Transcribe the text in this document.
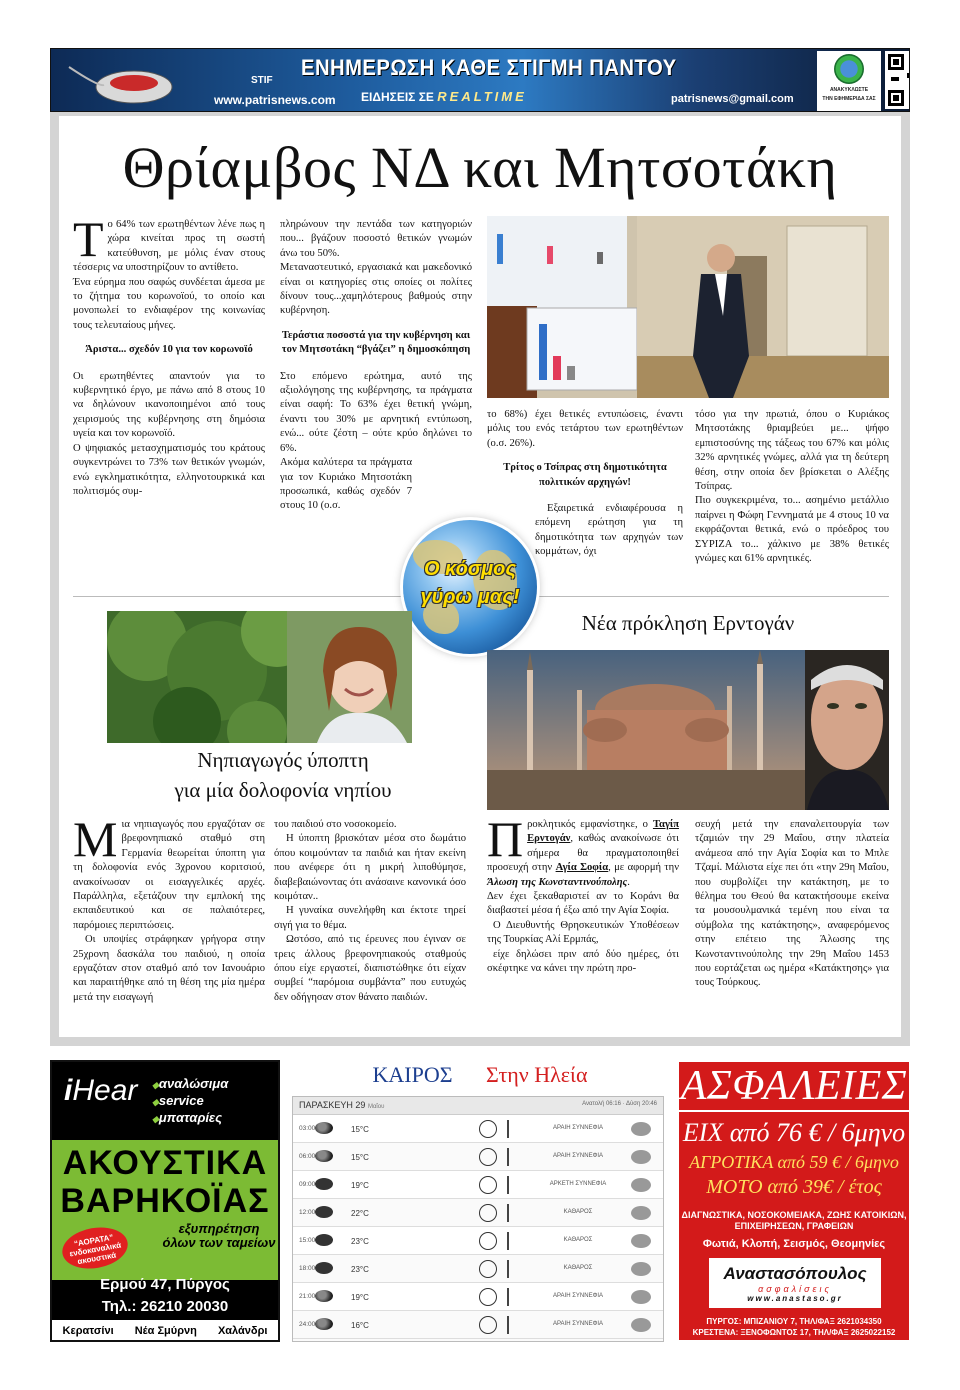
STIF
www.patrisnews.com
ΕΝΗΜΕΡΩΣΗ ΚΑΘΕ ΣΤΙΓΜΗ ΠΑΝΤΟΥ
ΕΙΔΗΣΕΙΣ ΣΕ REALTIME	patrisnews@gmail.com
ΑΝΑΚΥΚΛΩΣΤΕ
ΤΗΝ ΕΦΗΜΕΡΙΔΑ ΣΑΣ
Θρίαμβος ΝΔ και Μητσοτάκη

Το 64% των ερωτηθέντων λένε πως η χώρα κινείται προς τη σωστή κατεύθυνση, με μόλις έναν στους τέσσερις να υποστηρίζουν το αντίθετο.

Ένα εύρημα που σαφώς συνδέεται άμεσα με το ζήτημα του κορωνοϊού, το οποίο και μονοπωλεί το ενδιαφέρον της κοινωνίας τους τελευταίους μήνες.

Άριστα... σχεδόν 10 για τον κορωνοϊό

Οι ερωτηθέντες απαντούν για το κυβερνητικό έργο, με πάνω από 8 στους 10 να δηλώνουν ικανοποιημένοι από τους χειρισμούς της κυβέρνησης στη δημόσια υγεία και τον κορωνοϊό.

Ο ψηφιακός μετασχηματισμός του κράτους συγκεντρώνει το 73% των θετικών γνωμών, ενώ εγκληματικότητα, ελληνοτουρκικά και πολιτισμός συμ-

πληρώνουν την πεντάδα των κατηγοριών που... βγάζουν ποσοστό θετικών γνωμών άνω του 50%.

Μεταναστευτικό, εργασιακά και μακεδονικό είναι οι κατηγορίες στις οποίες οι πολίτες δίνουν τους...χαμηλότερους βαθμούς στην κυβέρνηση.

Τεράστια ποσοστά για την κυβέρνηση και τον Μητσοτάκη “βγάζει” η δημοσκόπηση

Στο επόμενο ερώτημα, αυτό της αξιολόγησης της κυβέρνησης, τα πράγματα είναι σαφή: Το 63% έχει θετική γνώμη, έναντι του 30% με αρνητική εντύπωση, ενώ... ούτε ζέστη – ούτε κρύο δηλώνει το 6%.

Ακόμα καλύτερα τα πράγματα για τον Κυριάκο Μητσοτάκη προσωπικά, καθώς σχεδόν 7 στους 10 (ο.σ.

το 68%) έχει θετικές εντυπώσεις, έναντι μόλις του ενός τετάρτου των ερωτηθέντων (ο.σ. 26%).

Τρίτος ο Τσίπρας στη δημοτικότητα πολιτικών αρχηγών!

Εξαιρετικά ενδιαφέρουσα η επόμενη ερώτηση για τη δημοτικότητα των αρχηγών των κομμάτων, όχι

τόσο για την πρωτιά, όπου ο Κυριάκος Μητσοτάκης θριαμβεύει με... ψήφο εμπιστοσύνης της τάξεως του 67% και μόλις 32% αρνητικές γνώμες, αλλά για τη δεύτερη θέση, στην οποία δεν βρίσκεται ο Αλέξης Τσίπρας.

Πιο συγκεκριμένα, το... ασημένιο μετάλλιο παίρνει η Φώφη Γεννηματά με 4 στους 10 να εκφράζονται θετικά, ενώ ο πρόεδρος του ΣΥΡΙΖΑ το... χάλκινο με 38% θετικές γνώμες και 61% αρνητικές.

Ο κόσμος
γύρω μας!
Νηπιαγωγός ύποπτη
για μία δολοφονία νηπίου

Μια νηπιαγωγός που εργαζόταν σε βρεφονηπιακό σταθμό στη Γερμανία θεωρείται ύποπτη για τη δολοφονία ενός 3χρονου κοριτσιού, ανακοίνωσαν οι εισαγγελικές αρχές. Παράλληλα, εξετάζουν την εμπλοκή της εκπαιδευτικού και σε παλαιότερες, παρόμοιες περιπτώσεις.

Οι υποψίες στράφηκαν γρήγορα στην 25χρονη δασκάλα του παιδιού, η οποία εργαζόταν στον σταθμό από τον Ιανουάριο και παραιτήθηκε από τη θέση της μία ημέρα μετά την εισαγωγή

του παιδιού στο νοσοκομείο.

Η ύποπτη βρισκόταν μέσα στο δωμάτιο όπου κοιμούνταν τα παιδιά και ήταν εκείνη που ανέφερε ότι η μικρή λιποθύμησε, διαβεβαιώνοντας ότι ανάσαινε κανονικά όσο κοιμόταν..

Η γυναίκα συνελήφθη και έκτοτε τηρεί σιγή για το θέμα.

Ωστόσο, από τις έρευνες που έγιναν σε τρεις άλλους βρεφονηπιακούς σταθμούς όπου είχε εργαστεί, διαπιστώθηκε ότι είχαν συμβεί “παρόμοια συμβάντα” που ευτυχώς δεν οδήγησαν στον θάνατο παιδιών.

Νέα πρόκληση Ερντογάν

Προκλητικός εμφανίστηκε, ο Ταγίπ Ερντογάν, καθώς ανακοίνωσε ότι σήμερα θα πραγματοποιηθεί προσευχή στην Αγία Σοφία, με αφορμή την Άλωση της Κωνσταντινούπολης.

Δεν έχει ξεκαθαριστεί αν το Κοράνι θα διαβαστεί μέσα ή έξω από την Αγία Σοφία.

Ο Διευθυντής Θρησκευτικών Υποθέσεων της Τουρκίας Αλί Ερμπάς,

είχε δηλώσει πριν από δύο ημέρες, ότι σκέφτηκε να κάνει την πρώτη προ-

σευχή μετά την επαναλειτουργία των τζαμιών την 29 Μαΐου, στην πλατεία ανάμεσα από την Αγία Σοφία και το Μπλε Τζαμί. Μάλιστα είχε πει ότι «την 29η Μαΐου, που συμβολίζει την κατάκτηση, με το θέλημα του Θεού θα κατακτήσουμε εκείνα τα μουσουλμανικά τεμένη που είναι τα σύμβολα της κατάκτησης», αναφερόμενος στην επέτειο της Άλωσης της Κωνσταντινούπολης την 29η Μαΐου 1453 που εορτάζεται ως ημέρα «Κατάκτησης» για τους Τούρκους.

iHear
◆	αναλώσιμα
◆ service
◆ μπαταρίες
ΑΚΟΥΣΤΙΚΑ
ΒΑΡΗΚΟΪΑΣ
“ΑΟΡΑΤΑ” ενδοκαναλικά ακουστικά
εξυπηρέτηση όλων των ταμείων
Ερμού 47, Πύργος
Τηλ.: 26210 20030
Κερατσίνι Νέα Σμύρνη Χαλάνδρι
ΚΑΙΡΟΣ Στην Ηλεία
ΠΑΡΑΣΚΕΥΗ 29 Μαΐου	Ανατολή 06:16 · Δύση 20:46
03:00	15°C	ΑΡΑΙΗ ΣΥΝΝΕΦΙΑ
06:00	15°C	ΑΡΑΙΗ ΣΥΝΝΕΦΙΑ
09:00	19°C	ΑΡΚΕΤΗ ΣΥΝΝΕΦΙΑ
12:00	22°C	ΚΑΘΑΡΟΣ
15:00	23°C	ΚΑΘΑΡΟΣ
18:00	23°C	ΚΑΘΑΡΟΣ
21:00	19°C	ΑΡΑΙΗ ΣΥΝΝΕΦΙΑ
24:00	16°C	ΑΡΑΙΗ ΣΥΝΝΕΦΙΑ
ΑΣΦΑΛΕΙΕΣ
ΕΙΧ από 76 € / 6μηνο
ΑΓΡΟΤΙΚΑ από 59 € / 6μηνο
ΜΟΤΟ από 39€ / έτος
ΔΙΑΓΝΩΣΤΙΚΑ, ΝΟΣΟΚΟΜΕΙΑΚΑ, ΖΩΗΣ ΚΑΤΟΙΚΙΩΝ, ΕΠΙΧΕΙΡΗΣΕΩΝ, ΓΡΑΦΕΙΩΝ
Φωτιά, Κλοπή, Σεισμός, Θεομηνίες
Αναστασόπουλος
ασφαλίσεις
www.anastaso.gr
ΠΥΡΓΟΣ: ΜΠΙΖΑΝΙΟΥ 7, ΤΗΛ/ΦΑΞ 2621034350
ΚΡΕΣΤΕΝΑ: ΞΕΝΟΦΩΝΤΟΣ 17, ΤΗΛ/ΦΑΞ 2625022152
